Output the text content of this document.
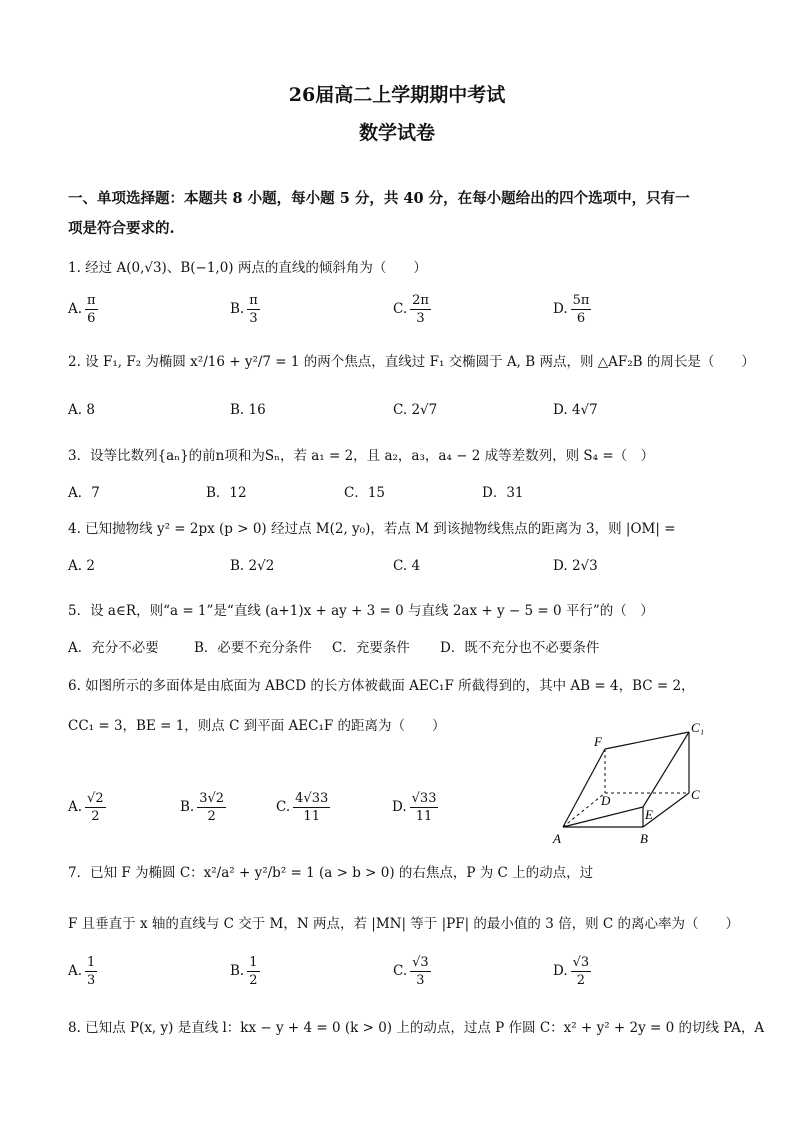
26届高二上学期期中考试
数学试卷
一、单项选择题：本题共 8 小题，每小题 5 分，共 40 分，在每小题给出的四个选项中，只有一
项是符合要求的.
1. 经过 A(0,√3)、B(−1,0) 两点的直线的倾斜角为（　　）
A. $\frac{\pi}{6}$	B. $\frac{\pi}{3}$	C. $\frac{2\pi}{3}$	D. $\frac{5\pi}{6}$
2. 设 F₁, F₂ 为椭圆 x²/16 + y²/7 = 1 的两个焦点，直线过 F₁ 交椭圆于 A, B 两点，则 △AF₂B 的周长是（　　）
A. 8	B. 16	C. 2√7	D. 4√7
3．设等比数列{aₙ}的前n项和为Sₙ，若 a₁ = 2，且 a₂，a₃，a₄ − 2 成等差数列，则 S₄ =（　）
A．7	B．12	C．15	D．31
4. 已知抛物线 y² = 2px (p > 0) 经过点 M(2, y₀)，若点 M 到该抛物线焦点的距离为 3，则 |OM| =
A. 2	B. 2√2	C. 4	D. 2√3
5．设 a∈R，则“a = 1”是“直线 (a+1)x + ay + 3 = 0 与直线 2ax + y − 5 = 0 平行”的（　）
A．充分不必要	B．必要不充分条件 C．充要条件 D．既不充分也不必要条件
6. 如图所示的多面体是由底面为 ABCD 的长方体被截面 AEC₁F 所截得到的，其中 AB = 4，BC = 2，
CC₁ = 3，BE = 1，则点 C 到平面 AEC₁F 的距离为（　　）
A. $\frac{√2}{2}$	B. $\frac{3√2}{2}$	C. $\frac{4√33}{11}$	D. $\frac{√33}{11}$
F
C₁
D	C
E
A	B
7．已知 F 为椭圆 C：x²/a² + y²/b² = 1 (a > b > 0) 的右焦点，P 为 C 上的动点，过
F 且垂直于 x 轴的直线与 C 交于 M，N 两点，若 |MN| 等于 |PF| 的最小值的 3 倍，则 C 的离心率为（　　）
A. $\frac{1}{3}$	B. $\frac{1}{2}$	C. $\frac{√3}{3}$	D. $\frac{√3}{2}$
8. 已知点 P(x, y) 是直线 l：kx − y + 4 = 0 (k > 0) 上的动点，过点 P 作圆 C：x² + y² + 2y = 0 的切线 PA，A
